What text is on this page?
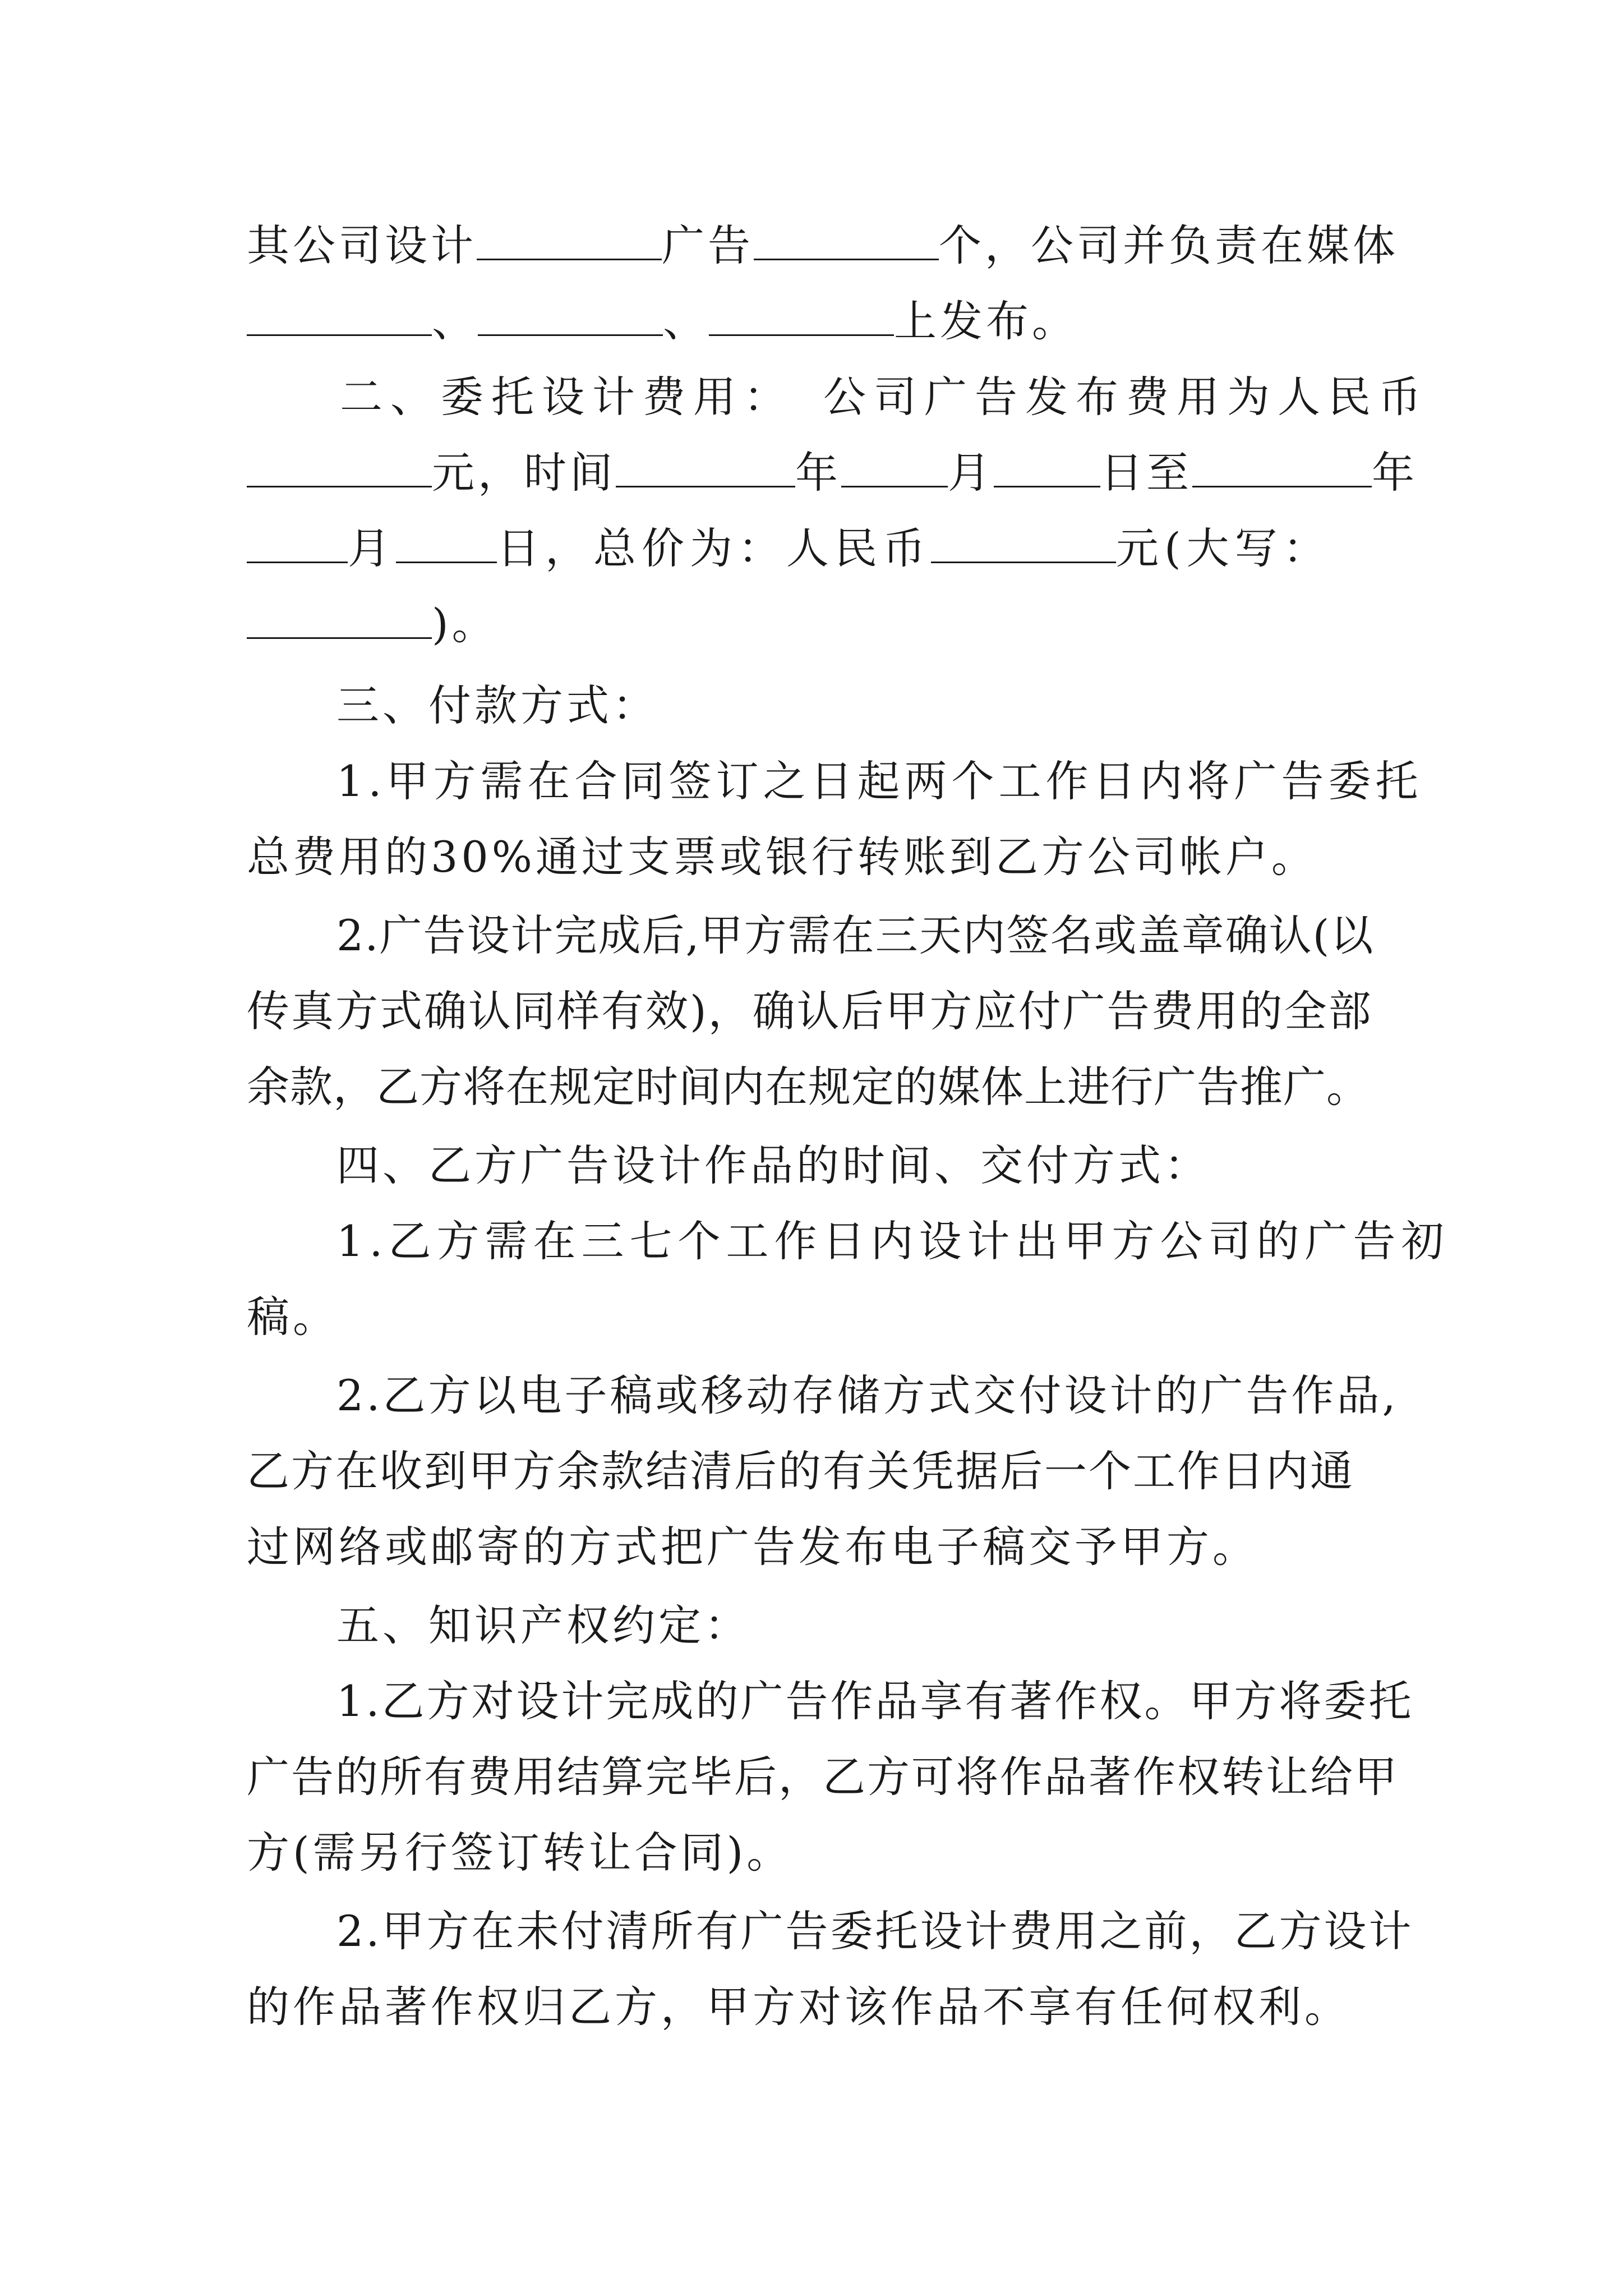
其公司设计	广告	个，公司并负责在媒体
、	、	上发布。
二、委托设计费用：　公司广告发布费用为人民币
元，时间	年	月	日至	年
月 日，总价为：人民币	元(大写：
)。
三、付款方式：
1.甲方需在合同签订之日起两个工作日内将广告委托
总费用的30%通过支票或银行转账到乙方公司帐户。
2.广告设计完成后,甲方需在三天内签名或盖章确认(以
传真方式确认同样有效)，确认后甲方应付广告费用的全部
余款，乙方将在规定时间内在规定的媒体上进行广告推广。
四、乙方广告设计作品的时间、交付方式：
1.乙方需在三七个工作日内设计出甲方公司的广告初
稿。
2.乙方以电子稿或移动存储方式交付设计的广告作品,
乙方在收到甲方余款结清后的有关凭据后一个工作日内通
过网络或邮寄的方式把广告发布电子稿交予甲方。
五、知识产权约定：
1.乙方对设计完成的广告作品享有著作权。甲方将委托
广告的所有费用结算完毕后，乙方可将作品著作权转让给甲
方(需另行签订转让合同)。
2.甲方在未付清所有广告委托设计费用之前，乙方设计
的作品著作权归乙方，甲方对该作品不享有任何权利。
